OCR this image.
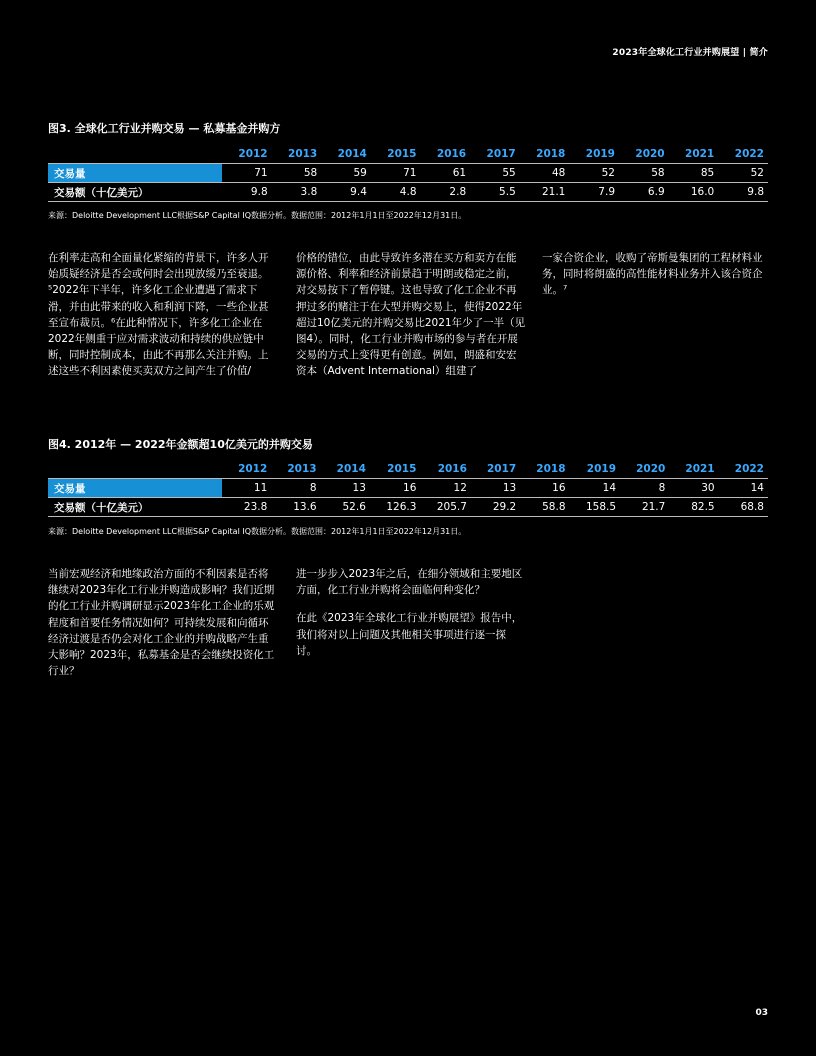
2023年全球化工行业并购展望 | 简介
图3. 全球化工行业并购交易 — 私募基金并购方
	2012	2013	2014	2015	2016	2017	2018	2019	2020	2021	2022
交易量	71	58	59	71	61	55	48	52	58	85	52
交易额（十亿美元）	9.8	3.8	9.4	4.8	2.8	5.5	21.1	7.9	6.9	16.0	9.8
来源：Deloitte Development LLC根据S&P Capital IQ数据分析。数据范围：2012年1月1日至2022年12月31日。

在利率走高和全面量化紧缩的背景下，许多人开始质疑经济是否会或何时会出现放缓乃至衰退。⁵2022年下半年，许多化工企业遭遇了需求下滑，并由此带来的收入和利润下降，一些企业甚至宣布裁员。⁶在此种情况下，许多化工企业在2022年侧重于应对需求波动和持续的供应链中断，同时控制成本，由此不再那么关注并购。上述这些不利因素使买卖双方之间产生了价值/

价格的错位，由此导致许多潜在买方和卖方在能源价格、利率和经济前景趋于明朗或稳定之前，对交易按下了暂停键。这也导致了化工企业不再押过多的赌注于在大型并购交易上，使得2022年超过10亿美元的并购交易比2021年少了一半（见图4）。同时，化工行业并购市场的参与者在开展交易的方式上变得更有创意。例如，朗盛和安宏资本（Advent International）组建了

一家合资企业，收购了帝斯曼集团的工程材料业务，同时将朗盛的高性能材料业务并入该合资企业。⁷

图4. 2012年 — 2022年金额超10亿美元的并购交易
	2012	2013	2014	2015	2016	2017	2018	2019	2020	2021	2022
交易量	11	8	13	16	12	13	16	14	8	30	14
交易额（十亿美元）	23.8	13.6	52.6	126.3	205.7	29.2	58.8	158.5	21.7	82.5	68.8
来源：Deloitte Development LLC根据S&P Capital IQ数据分析。数据范围：2012年1月1日至2022年12月31日。

当前宏观经济和地缘政治方面的不利因素是否将继续对2023年化工行业并购造成影响？我们近期的化工行业并购调研显示2023年化工企业的乐观程度和首要任务情况如何？可持续发展和向循环经济过渡是否仍会对化工企业的并购战略产生重大影响？2023年，私募基金是否会继续投资化工行业？

进一步步入2023年之后，在细分领域和主要地区方面，化工行业并购将会面临何种变化？

在此《2023年全球化工行业并购展望》报告中，我们将对以上问题及其他相关事项进行逐一探讨。

03
